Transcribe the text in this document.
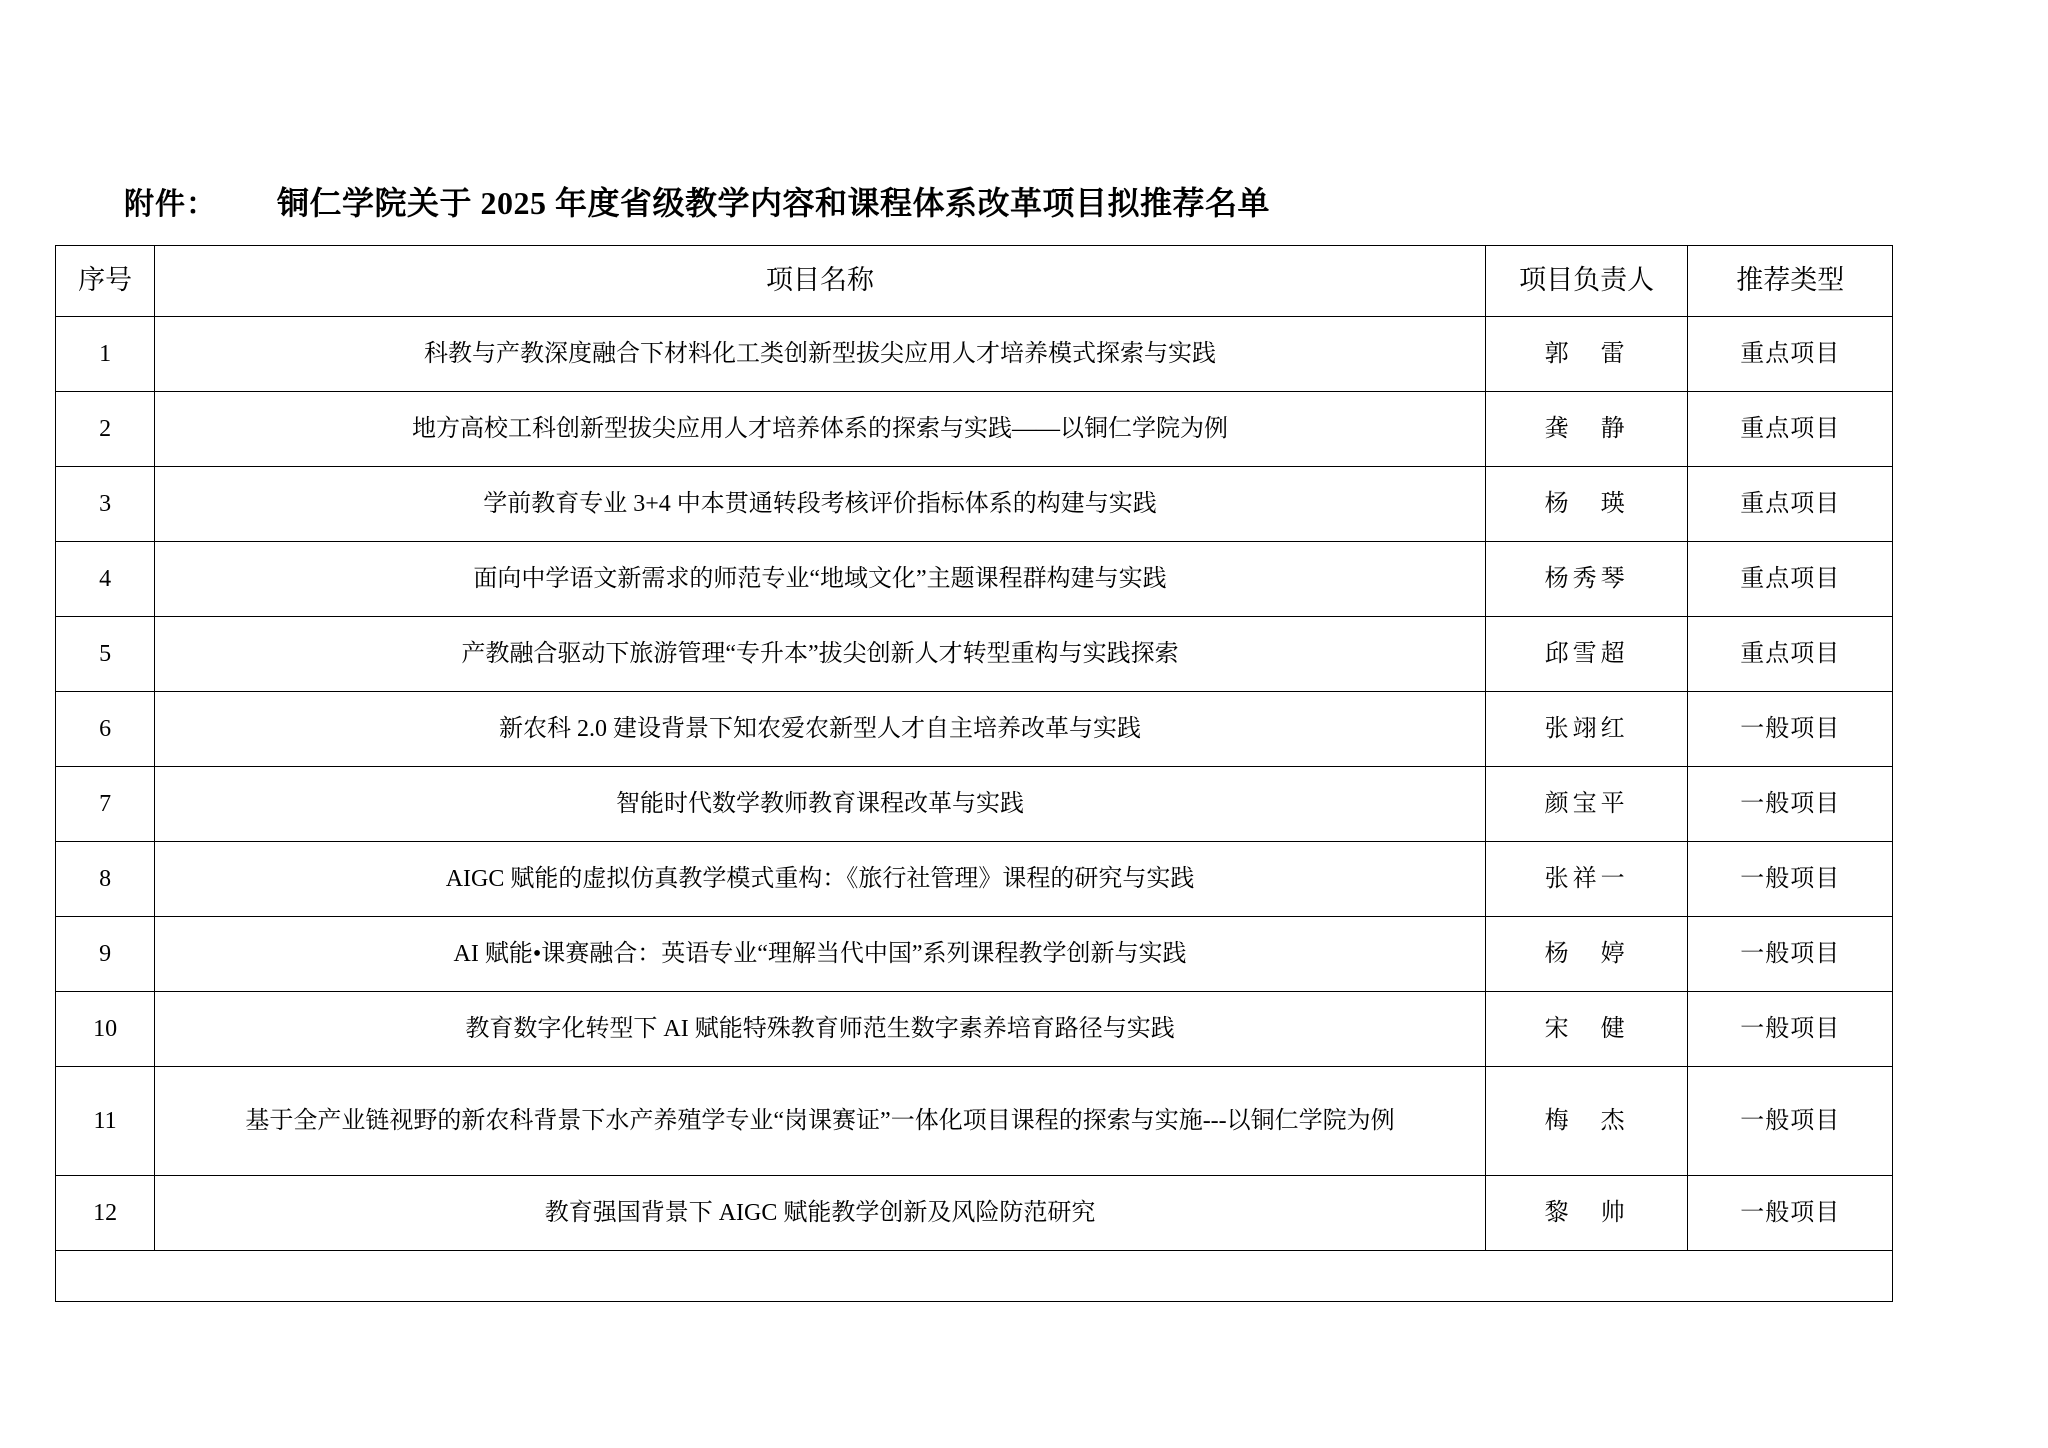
附件： 铜仁学院关于 2025 年度省级教学内容和课程体系改革项目拟推荐名单
序号	项目名称	项目负责人	推荐类型
1	科教与产教深度融合下材料化工类创新型拔尖应用人才培养模式探索与实践	郭　雷	重点项目
2	地方高校工科创新型拔尖应用人才培养体系的探索与实践——以铜仁学院为例	龚　静	重点项目
3	学前教育专业 3+4 中本贯通转段考核评价指标体系的构建与实践	杨　瑛	重点项目
4	面向中学语文新需求的师范专业“地域文化”主题课程群构建与实践	杨秀琴	重点项目
5	产教融合驱动下旅游管理“专升本”拔尖创新人才转型重构与实践探索	邱雪超	重点项目
6	新农科 2.0 建设背景下知农爱农新型人才自主培养改革与实践	张翊红	一般项目
7	智能时代数学教师教育课程改革与实践	颜宝平	一般项目
8	AIGC 赋能的虚拟仿真教学模式重构：《旅行社管理》课程的研究与实践	张祥一	一般项目
9	AI 赋能•课赛融合：英语专业“理解当代中国”系列课程教学创新与实践	杨　婷	一般项目
10	教育数字化转型下 AI 赋能特殊教育师范生数字素养培育路径与实践	宋　健	一般项目
11	基于全产业链视野的新农科背景下水产养殖学专业“岗课赛证”一体化项目课程的探索与实施---以铜仁学院为例	梅　杰	一般项目
12	教育强国背景下 AIGC 赋能教学创新及风险防范研究	黎　帅	一般项目
